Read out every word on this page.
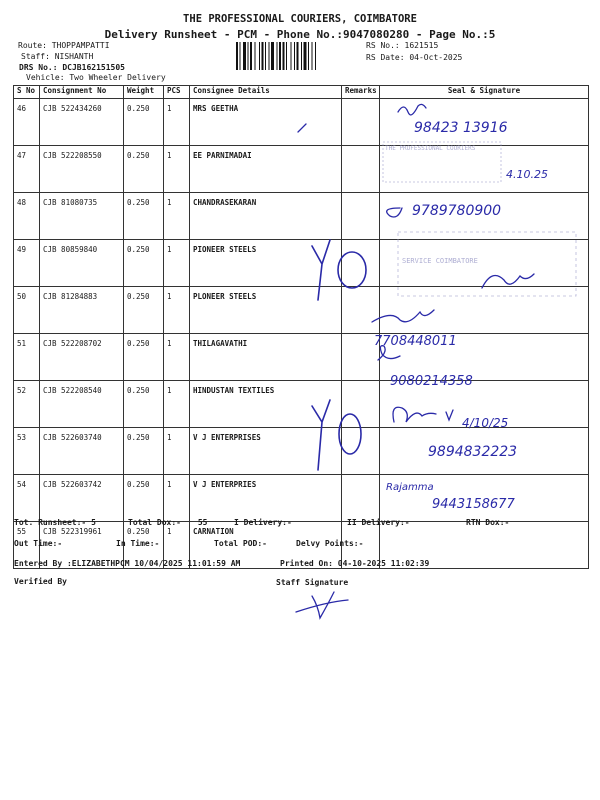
THE PROFESSIONAL COURIERS, COIMBATORE
Delivery Runsheet - PCM - Phone No.:9047080280 - Page No.:5
Route: THOPPAMPATTI
Staff: NISHANTH
DRS No.: DCJB162151505
Vehicle: Two Wheeler Delivery
RS No.: 1621515
RS Date: 04-Oct-2025
S No	Consignment No	Weight	PCS	Consignee Details	Remarks	Seal & Signature
46	CJB 522434260	0.250	1	MRS GEETHA		
47	CJB 522208550	0.250	1	EE PARNIMADAI		
48	CJB 81080735	0.250	1	CHANDRASEKARAN		
49	CJB 80859840	0.250	1	PIONEER STEELS		
50	CJB 81284883	0.250	1	PLONEER STEELS		
51	CJB 522208702	0.250	1	THILAGAVATHI		
52	CJB 522208540	0.250	1	HINDUSTAN TEXTILES		
53	CJB 522603740	0.250	1	V J ENTERPRISES		
54	CJB 522603742	0.250	1	V J ENTERPRIES		
55	CJB 522319961	0.250	1	CARNATION		
Tot. Runsheet:- 5	Total Dox:- 55	I Delivery:-	II Delivery:-	RTN Dox:-
Out Time:-	In Time:-	Total POD:-	Delvy Points:-
Entered By :ELIZABETHPCM 10/04/2025 11:01:59 AM	Printed On: 04-10-2025 11:02:39
Verified By	Staff Signature
98423 13916
4.10.25
9789780900
7708448011
9080214358
4/10/25
9894832223
Rajamma
9443158677
THE PROFESSIONAL COURIERS
SERVICE COIMBATORE
